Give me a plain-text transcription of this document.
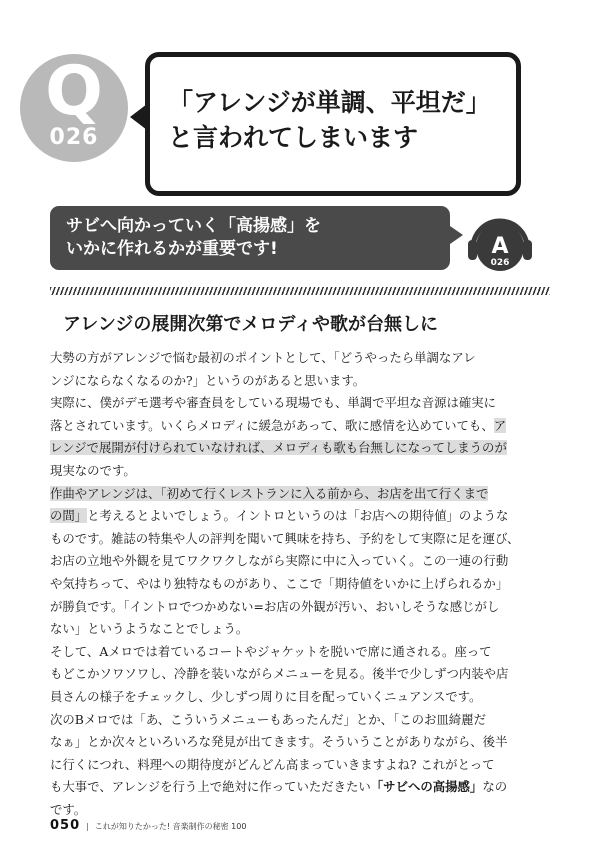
Q
026
「アレンジが単調、平坦だ」
と言われてしまいます
サビへ向かっていく「高揚感」を
いかに作れるかが重要です!	A
026
アレンジの展開次第でメロディや歌が台無しに
大勢の方がアレンジで悩む最初のポイントとして、「どうやったら単調なアレ
ンジにならなくなるのか?」というのがあると思います。
実際に、僕がデモ選考や審査員をしている現場でも、単調で平坦な音源は確実に
落とされています。いくらメロディに緩急があって、歌に感情を込めていても、ア
レンジで展開が付けられていなければ、メロディも歌も台無しになってしまうのが
現実なのです。
作曲やアレンジは、「初めて行くレストランに入る前から、お店を出て行くまで
の間」と考えるとよいでしょう。イントロというのは「お店への期待値」のような
ものです。雑誌の特集や人の評判を聞いて興味を持ち、予約をして実際に足を運び、
お店の立地や外観を見てワクワクしながら実際に中に入っていく。この一連の行動
や気持ちって、やはり独特なものがあり、ここで「期待値をいかに上げられるか」
が勝負です。「イントロでつかめない=お店の外観が汚い、おいしそうな感じがし
ない」というようなことでしょう。
そして、Aメロでは着ているコートやジャケットを脱いで席に通される。座って
もどこかソワソワし、冷静を装いながらメニューを見る。後半で少しずつ内装や店
員さんの様子をチェックし、少しずつ周りに目を配っていくニュアンスです。
次のBメロでは「あ、こういうメニューもあったんだ」とか、「このお皿綺麗だ
なぁ」とか次々といろいろな発見が出てきます。そういうことがありながら、後半
に行くにつれ、料理への期待度がどんどん高まっていきますよね? これがとって
も大事で、アレンジを行う上で絶対に作っていただきたい「サビへの高揚感」なの
です。
050 | これが知りたかった! 音楽制作の秘密 100
